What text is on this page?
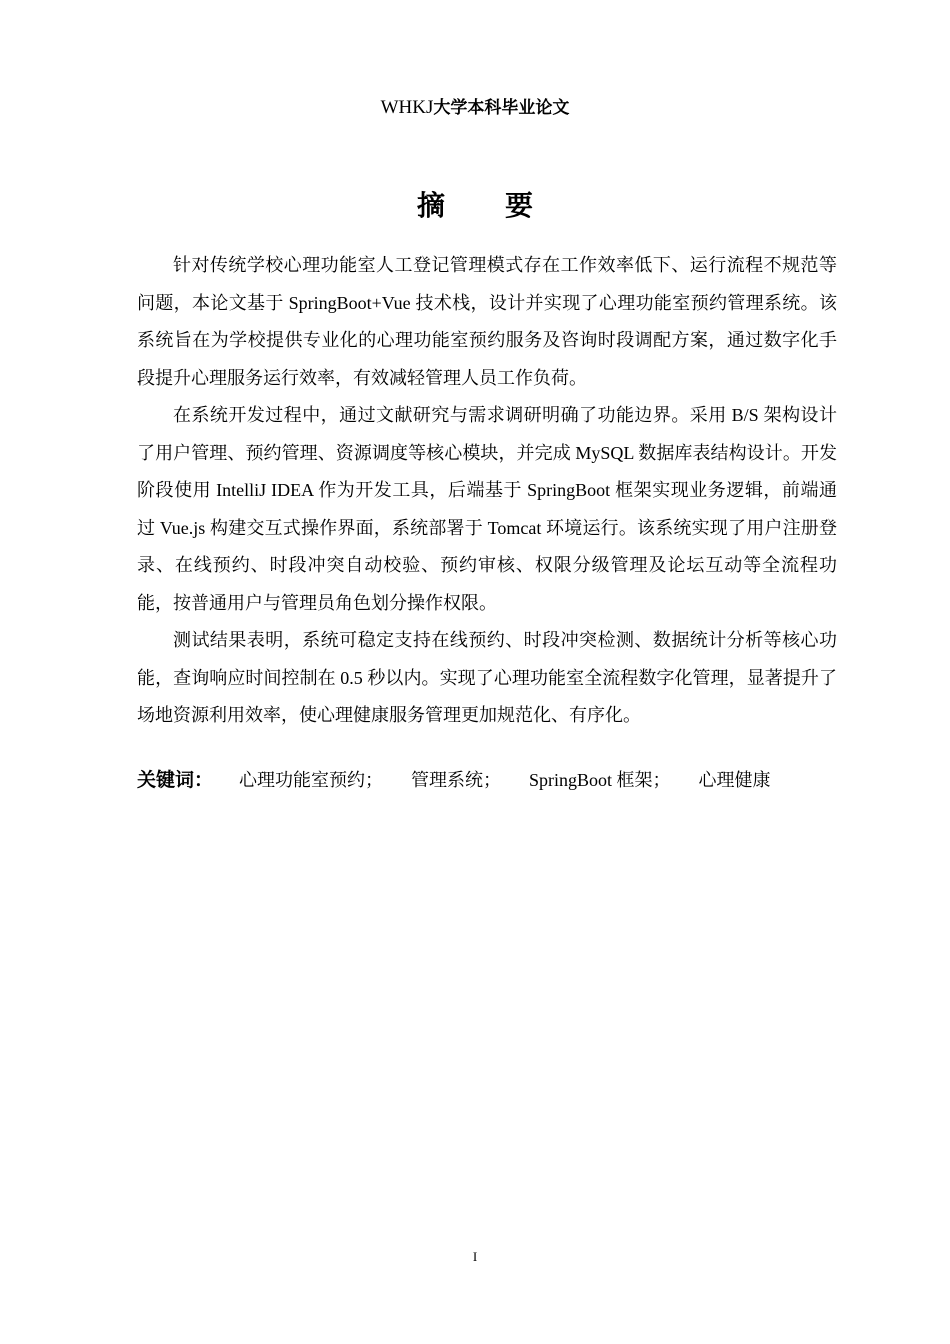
WHKJ大学本科毕业论文
摘 要

针对传统学校心理功能室人工登记管理模式存在工作效率低下、运行流程不规范等问题，本论文基于 SpringBoot+Vue 技术栈，设计并实现了心理功能室预约管理系统。该系统旨在为学校提供专业化的心理功能室预约服务及咨询时段调配方案，通过数字化手段提升心理服务运行效率，有效减轻管理人员工作负荷。

在系统开发过程中，通过文献研究与需求调研明确了功能边界。采用 B/S 架构设计了用户管理、预约管理、资源调度等核心模块，并完成 MySQL 数据库表结构设计。开发阶段使用 IntelliJ IDEA 作为开发工具，后端基于 SpringBoot 框架实现业务逻辑，前端通过 Vue.js 构建交互式操作界面，系统部署于 Tomcat 环境运行。该系统实现了用户注册登录、在线预约、时段冲突自动校验、预约审核、权限分级管理及论坛互动等全流程功能，按普通用户与管理员角色划分操作权限。

测试结果表明，系统可稳定支持在线预约、时段冲突检测、数据统计分析等核心功能，查询响应时间控制在 0.5 秒以内。实现了心理功能室全流程数字化管理，显著提升了场地资源利用效率，使心理健康服务管理更加规范化、有序化。

关键词： 心理功能室预约； 管理系统； SpringBoot 框架； 心理健康
I
